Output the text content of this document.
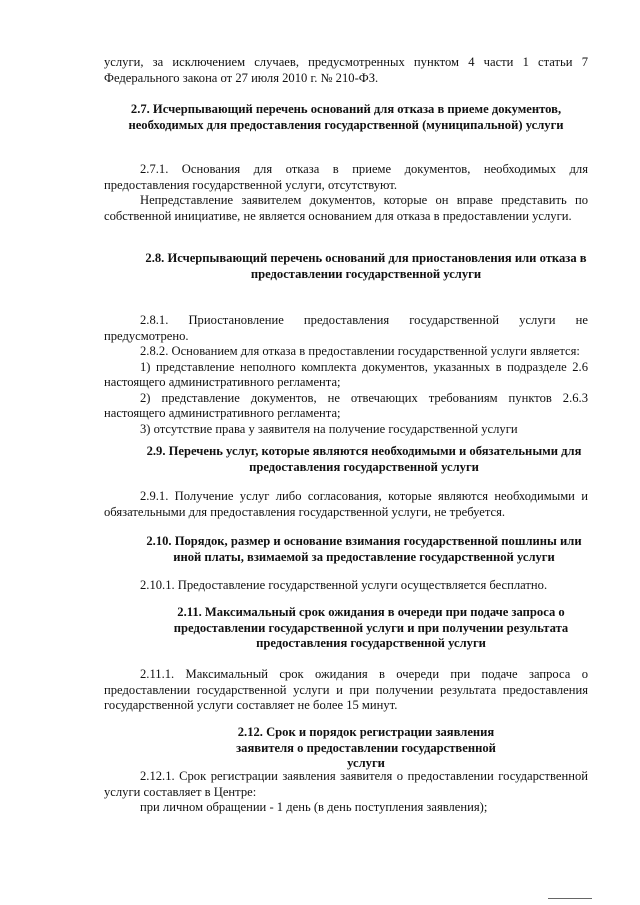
услуги, за исключением случаев, предусмотренных пунктом 4 части 1 статьи 7 Федерального закона от 27 июля 2010 г. № 210-ФЗ.

2.7. Исчерпывающий перечень оснований для отказа в приеме документов, необходимых для предоставления государственной (муниципальной) услуги

2.7.1. Основания для отказа в приеме документов, необходимых для предоставления государственной услуги, отсутствуют.

Непредставление заявителем документов, которые он вправе представить по собственной инициативе, не является основанием для отказа в предоставлении услуги.

2.8. Исчерпывающий перечень оснований для приостановления или отказа в предоставлении государственной услуги

2.8.1. Приостановление предоставления государственной услуги не предусмотрено.

2.8.2. Основанием для отказа в предоставлении государственной услуги является:

1) представление неполного комплекта документов, указанных в подразделе 2.6 настоящего административного регламента;

2) представление документов, не отвечающих требованиям пунктов 2.6.3 настоящего административного регламента;

3) отсутствие права у заявителя на получение государственной услуги

2.9. Перечень услуг, которые являются необходимыми и обязательными для предоставления государственной услуги

2.9.1. Получение услуг либо согласования, которые являются необходимыми и обязательными для предоставления государственной услуги, не требуется.

2.10. Порядок, размер и основание взимания государственной пошлины или иной платы, взимаемой за предоставление государственной услуги

2.10.1. Предоставление государственной услуги осуществляется бесплатно.

2.11. Максимальный срок ожидания в очереди при подаче запроса о предоставлении государственной услуги и при получении результата предоставления государственной услуги

2.11.1. Максимальный срок ожидания в очереди при подаче запроса о предоставлении государственной услуги и при получении результата предоставления государственной услуги составляет не более 15 минут.

2.12. Срок и порядок регистрации заявления заявителя о предоставлении государственной услуги

2.12.1. Срок регистрации заявления заявителя о предоставлении государственной услуги составляет в Центре:

при личном обращении - 1 день (в день поступления заявления);
